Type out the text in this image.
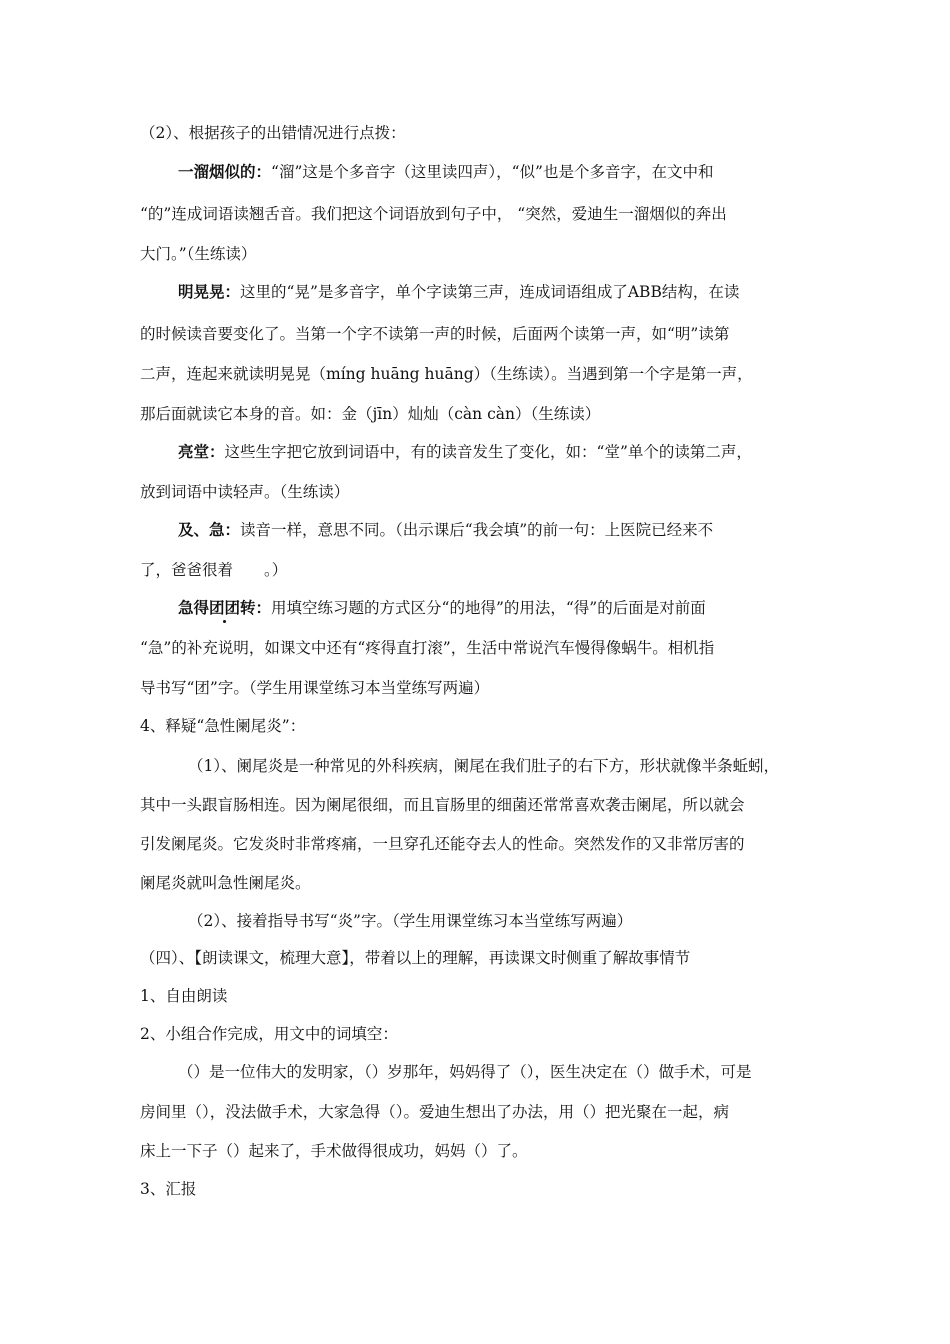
（2）、根据孩子的出错情况进行点拨：
一溜烟似的：“溜”这是个多音字（这里读四声），“似”也是个多音字，在文中和
“的”连成词语读翘舌音。我们把这个词语放到句子中， “突然，爱迪生一溜烟似的奔出
大门。”（生练读）
明晃晃：这里的“晃”是多音字，单个字读第三声，连成词语组成了ABB结构，在读
的时候读音要变化了。当第一个字不读第一声的时候，后面两个读第一声，如“明”读第
二声，连起来就读明晃晃（míng huāng huāng）（生练读）。当遇到第一个字是第一声，
那后面就读它本身的音。如：金（jīn）灿灿（càn càn）（生练读）
亮堂：这些生字把它放到词语中，有的读音发生了变化，如：“堂”单个的读第二声，
放到词语中读轻声。（生练读）
及、急：读音一样，意思不同。（出示课后“我会填”的前一句：上医院已经来不
了，爸爸很着　　。）
急得团团转：用填空练习题的方式区分“的地得”的用法，“得”的后面是对前面
“急”的补充说明，如课文中还有“疼得直打滚”，生活中常说汽车慢得像蜗牛。相机指
导书写“团”字。（学生用课堂练习本当堂练写两遍）
4、释疑“急性阑尾炎”：
（1）、阑尾炎是一种常见的外科疾病，阑尾在我们肚子的右下方，形状就像半条蚯蚓，
其中一头跟盲肠相连。因为阑尾很细，而且盲肠里的细菌还常常喜欢袭击阑尾，所以就会
引发阑尾炎。它发炎时非常疼痛，一旦穿孔还能夺去人的性命。突然发作的又非常厉害的
阑尾炎就叫急性阑尾炎。
（2）、接着指导书写“炎”字。（学生用课堂练习本当堂练写两遍）
（四）、【朗读课文，梳理大意】，带着以上的理解，再读课文时侧重了解故事情节
1、自由朗读
2、小组合作完成，用文中的词填空：
（）是一位伟大的发明家，（）岁那年，妈妈得了（），医生决定在（）做手术，可是
房间里（），没法做手术，大家急得（）。爱迪生想出了办法，用（）把光聚在一起，病
床上一下子（）起来了，手术做得很成功，妈妈（）了。
3、汇报
